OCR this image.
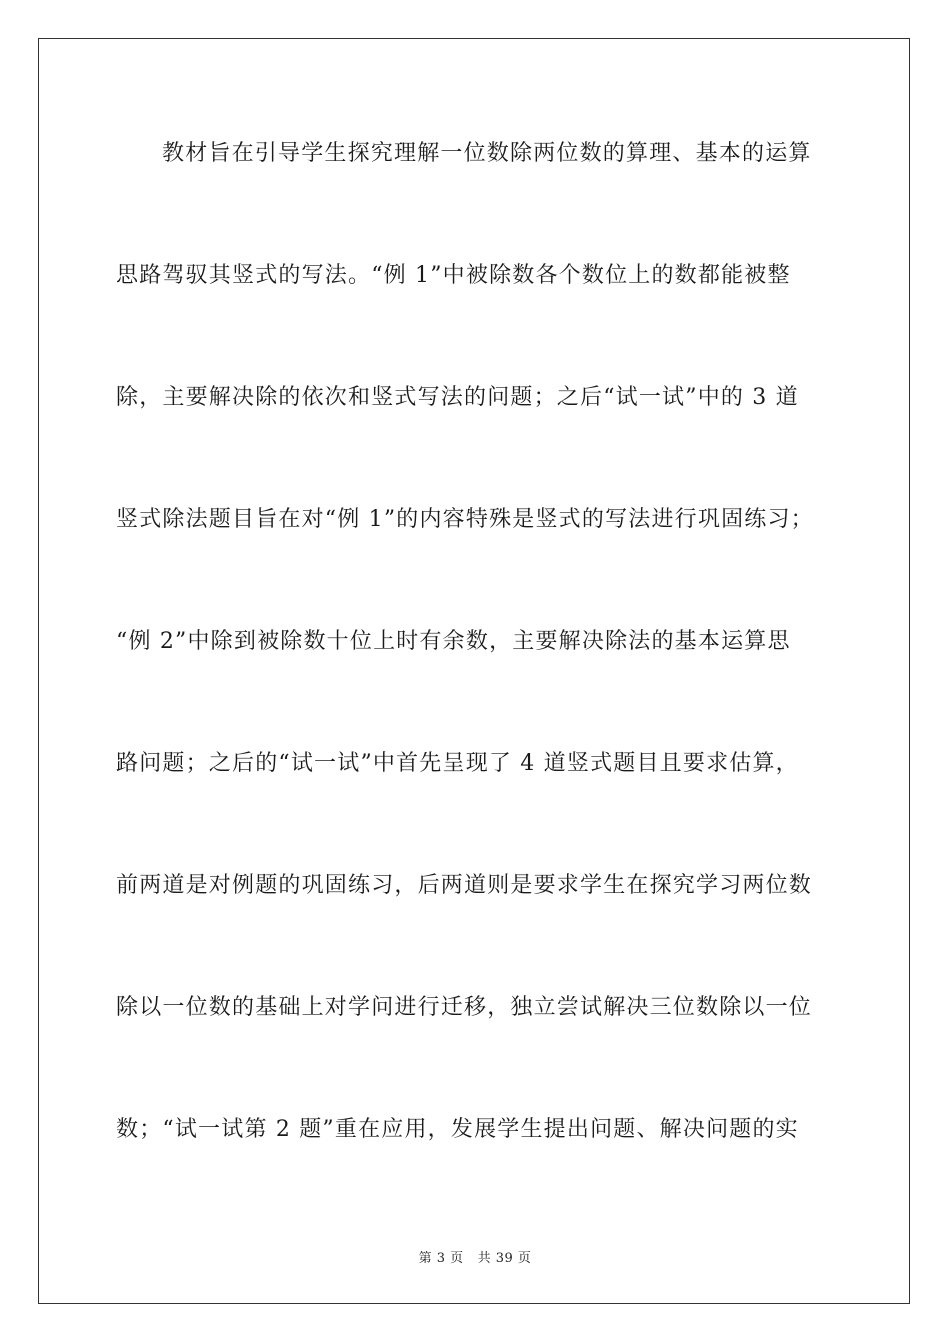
教材旨在引导学生探究理解一位数除两位数的算理、基本的运算
思路驾驭其竖式的写法。“例 1”中被除数各个数位上的数都能被整
除，主要解决除的依次和竖式写法的问题；之后“试一试”中的 3 道
竖式除法题目旨在对“例 1”的内容特殊是竖式的写法进行巩固练习；
“例 2”中除到被除数十位上时有余数，主要解决除法的基本运算思
路问题；之后的“试一试”中首先呈现了 4 道竖式题目且要求估算，
前两道是对例题的巩固练习，后两道则是要求学生在探究学习两位数
除以一位数的基础上对学问进行迁移，独立尝试解决三位数除以一位
数；“试一试第 2 题”重在应用，发展学生提出问题、解决问题的实
第 3 页 共 39 页
